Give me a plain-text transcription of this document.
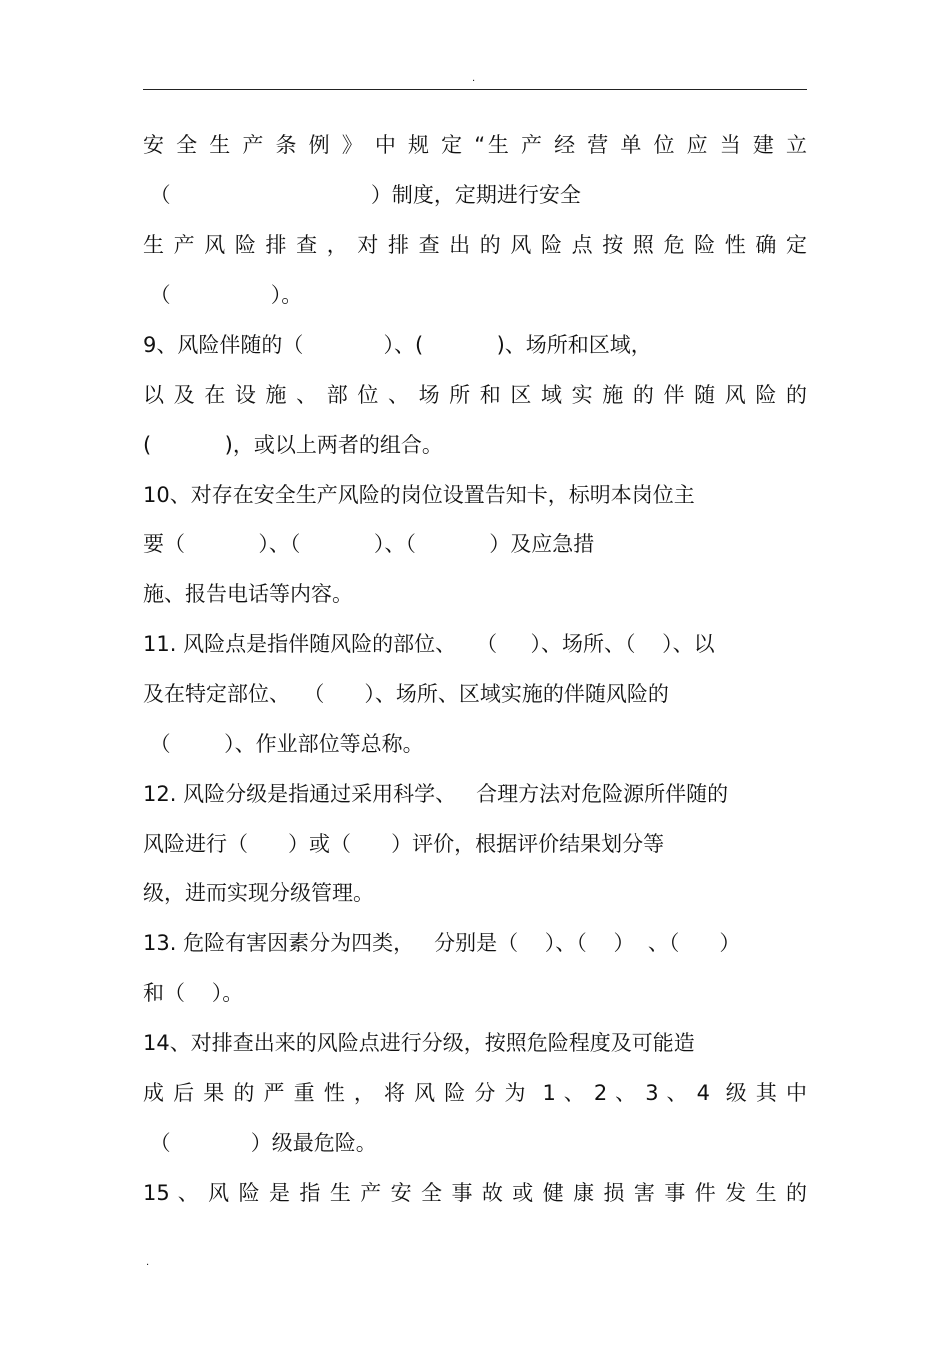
.
安 全 生 产 条 例 》 中 规 定 “生 产 经 营 单 位 应 当 建 立
（                              ）制度，定期进行安全
生 产 风 险 排 查 ， 对 排 查 出 的 风 险 点 按 照 危 险 性 确 定
（               ）。
9、风险伴随的（            ）、(           )、场所和区域，
以 及 在 设 施 、 部 位 、 场 所 和 区 域 实 施 的 伴 随 风 险 的
(           )，或以上两者的组合。
10、对存在安全生产风险的岗位设置告知卡，标明本岗位主
要（           ）、（           ）、（           ）及应急措
施、报告电话等内容。
11. 风险点是指伴随风险的部位、   （     ）、场所、（    ）、以
及在特定部位、  （      ）、场所、区域实施的伴随风险的
（        ）、作业部位等总称。
12. 风险分级是指通过采用科学、   合理方法对危险源所伴随的
风险进行（      ）或（      ）评价，根据评价结果划分等
级，进而实现分级管理。
13. 危险有害因素分为四类，   分别是（    ）、（    ）  、（      ）
和（    ）。
14、对排查出来的风险点进行分级，按照危险程度及可能造
成 后 果 的 严 重 性 ， 将 风 险 分 为  1 、 2 、 3 、 4  级 其 中
（            ）级最危险。
15 、 风 险 是 指 生 产 安 全 事 故 或 健 康 损 害 事 件 发 生 的
.
